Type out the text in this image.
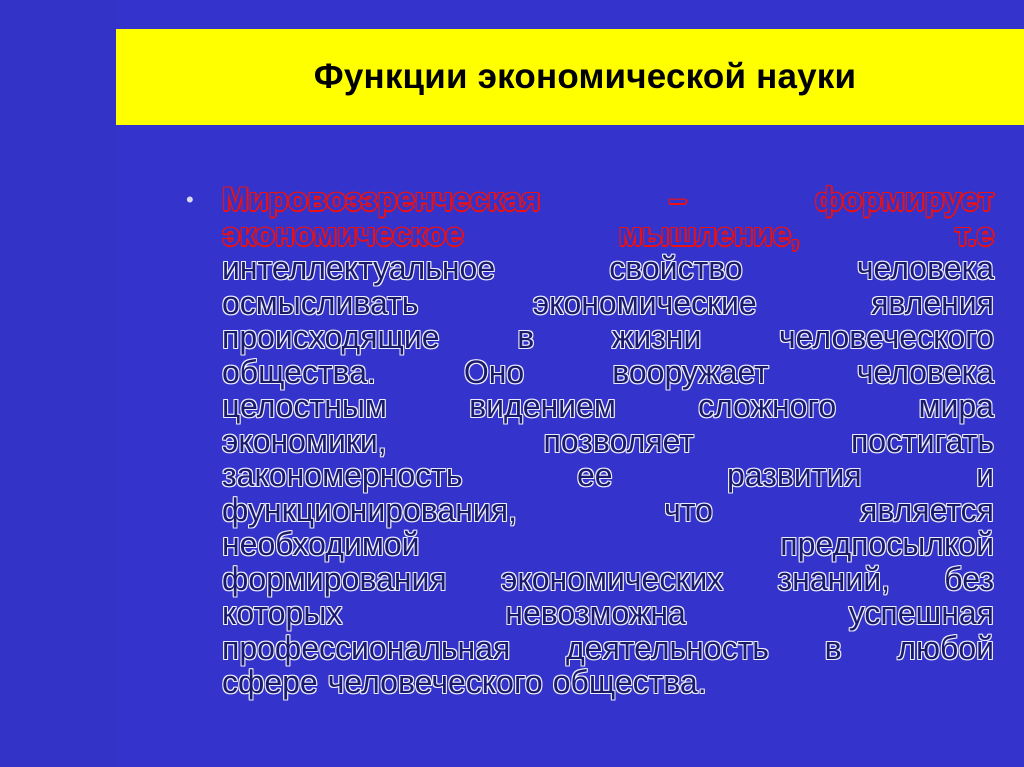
Функции экономической науки
• Мировоззренческая	–	формирует
экономическое	мышление,	т.е
интеллектуальное	свойство	человека
осмысливать	экономические	явления
происходящие в жизни человеческого
общества.	Оно	вооружает	человека
целостным	видением	сложного	мира
экономики,	позволяет	постигать
закономерность	ее	развития	и
функционирования,	что	является
необходимой	предпосылкой
формирования экономических знаний, без
которых	невозможна	успешная
профессиональная деятельность в любой
сфере человеческого общества.
